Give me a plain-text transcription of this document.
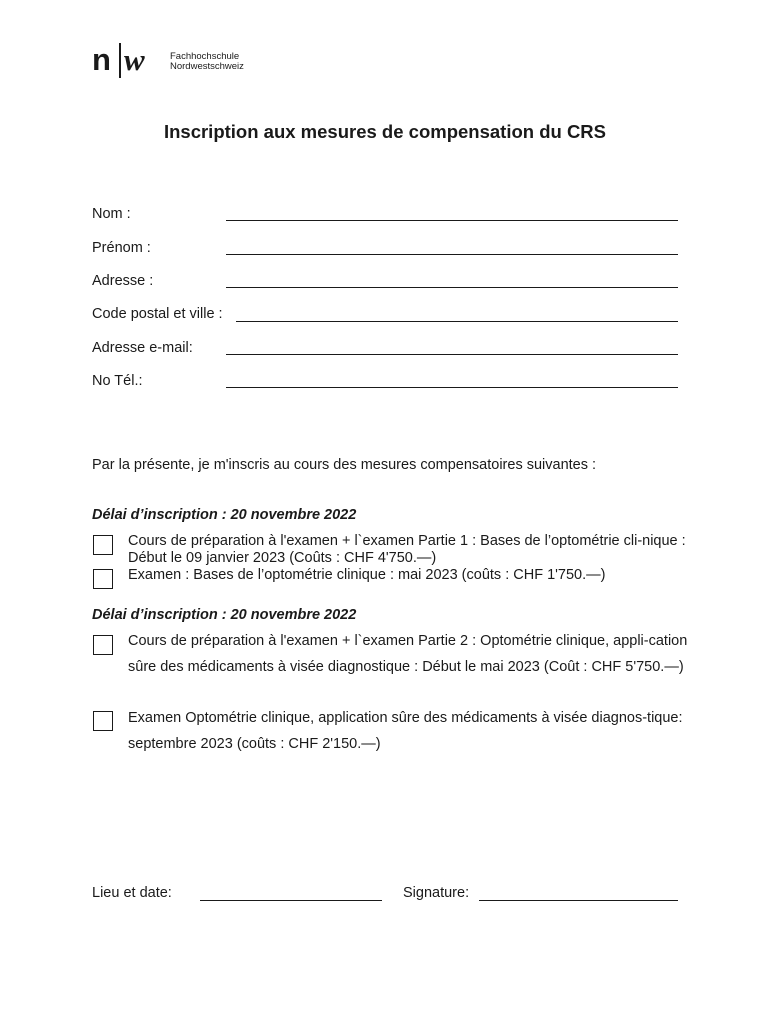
n w	Fachhochschule
Nordwestschweiz
Inscription aux mesures de compensation du CRS
Nom :
Prénom :
Adresse :
Code postal et ville :
Adresse e-mail:
No Tél.:
Par la présente, je m'inscris au cours des mesures compensatoires suivantes :
Délai d’inscription : 20 novembre 2022
Cours de préparation à l'examen + l`examen Partie 1 : Bases de l’optométrie cli-nique : Début le 09 janvier 2023 (Coûts : CHF 4'750.—)
Examen : Bases de l’optométrie clinique : mai 2023 (coûts : CHF 1'750.—)
Délai d’inscription : 20 novembre 2022
Cours de préparation à l'examen + l`examen Partie 2 : Optométrie clinique, appli-cation sûre des médicaments à visée diagnostique : Début le mai 2023 (Coût : CHF 5'750.—)
Examen Optométrie clinique, application sûre des médicaments à visée diagnos-tique: septembre 2023 (coûts : CHF 2'150.—)
Lieu et date:	Signature:
